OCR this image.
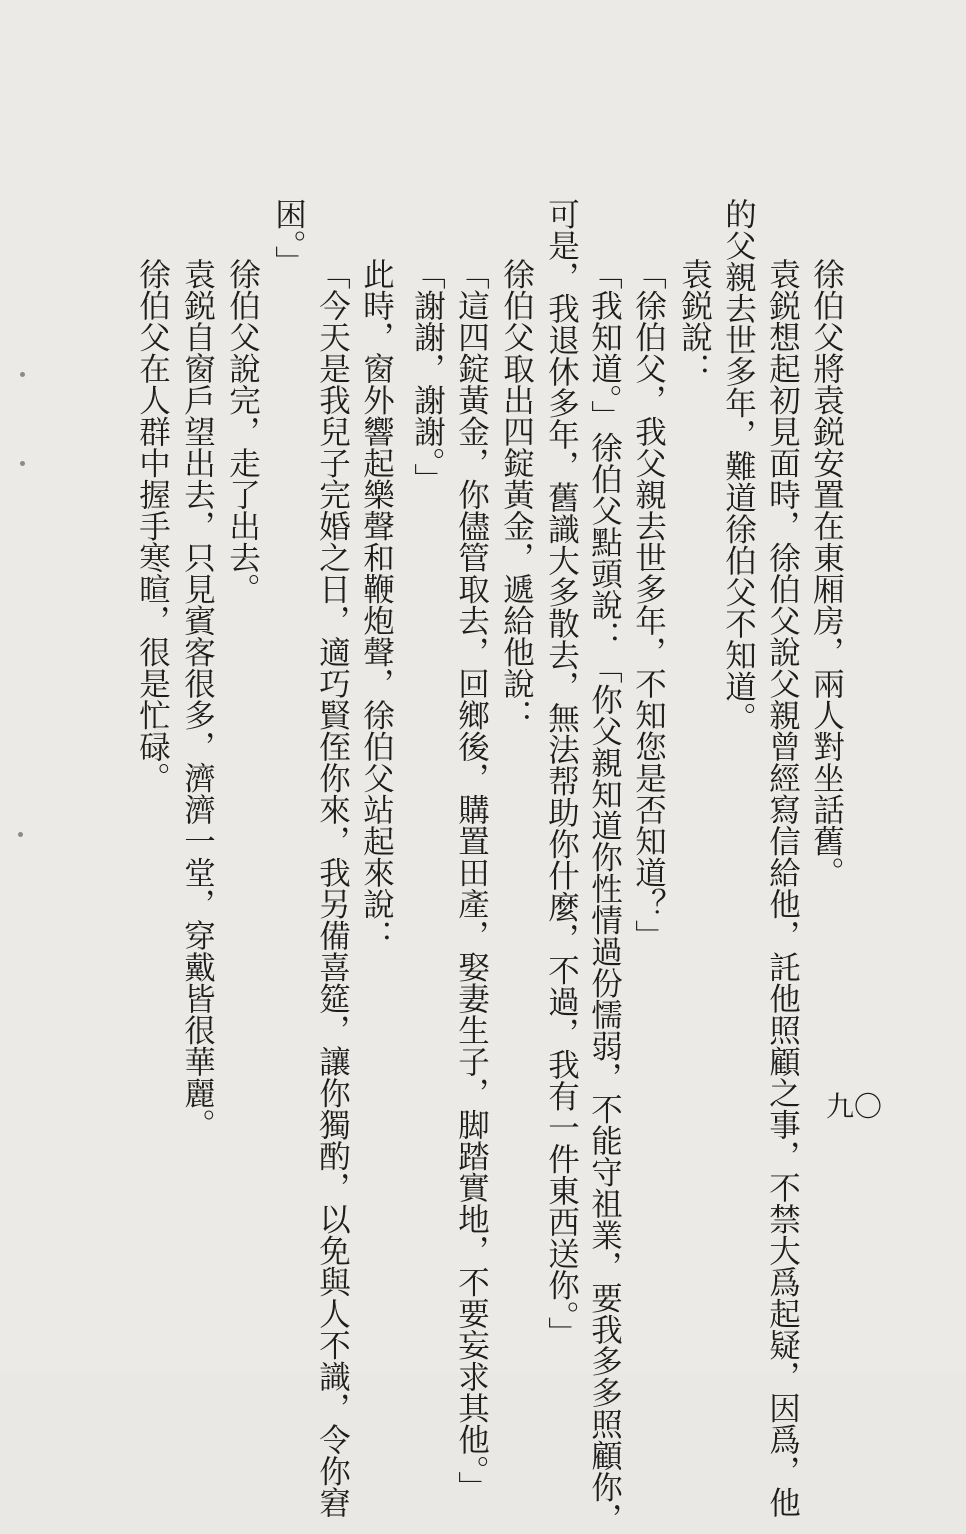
九〇
徐伯父將袁鋭安置在東厢房，兩人對坐話舊。
袁鋭想起初見面時，徐伯父說父親曾經寫信給他，託他照顧之事，不禁大爲起疑，因爲，他
的父親去世多年，難道徐伯父不知道。
袁鋭說：
「徐伯父，我父親去世多年，不知您是否知道？」
「我知道。」徐伯父點頭說：「你父親知道你性情過份懦弱，不能守祖業，要我多多照顧你，
可是，我退休多年，舊識大多散去，無法帮助你什麼，不過，我有一件東西送你。」
徐伯父取出四錠黃金，遞給他說：
「這四錠黃金，你儘管取去，回鄉後，購置田產，娶妻生子，脚踏實地，不要妄求其他。」
「謝謝，謝謝。」
此時，窗外響起樂聲和鞭炮聲，徐伯父站起來說：
「今天是我兒子完婚之日，適巧賢侄你來，我另備喜筵，讓你獨酌，以免與人不識，令你窘
困。」
徐伯父說完，走了出去。
袁鋭自窗戶望出去，只見賓客很多，濟濟一堂，穿戴皆很華麗。
徐伯父在人群中握手寒暄，很是忙碌。
